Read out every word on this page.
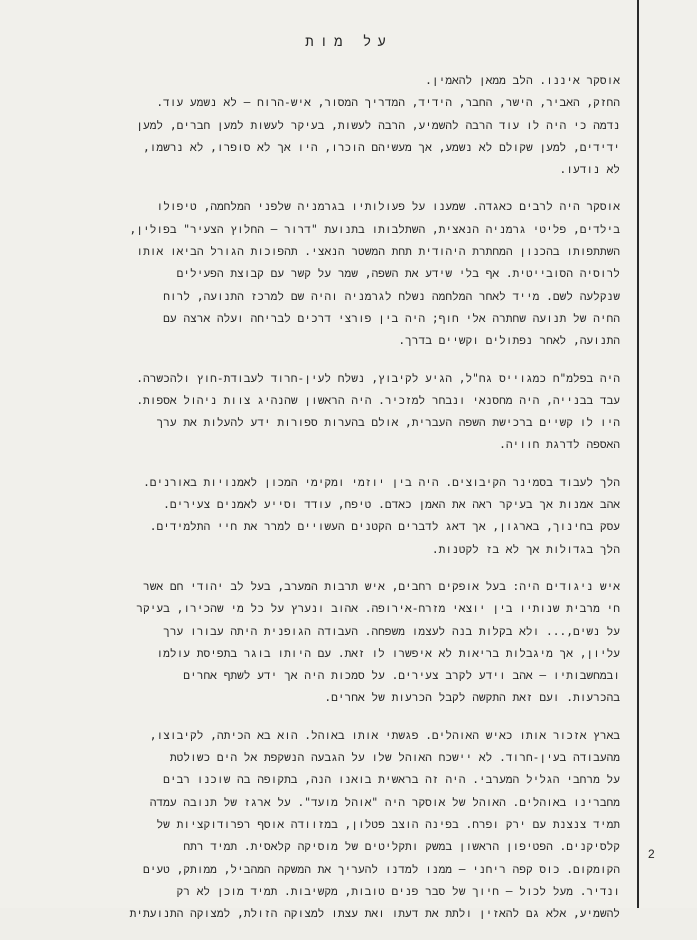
על מות
אוסקר איננו. הלב ממאן להאמין.
החזק, האביר, הישר, החבר, הידיד, המדריך המסור, איש-הרוח – לא נשמע עוד.
נדמה כי היה לו עוד הרבה להשמיע, הרבה לעשות, בעיקר לעשות למען חברים, למען
ידידים, למען שקולם לא נשמע, אך מעשיהם הוכרו, היו אך לא סופרו, לא נרשמו,
לא נודעו.
אוסקר היה לרבים כאגדה. שמענו על פעולותיו בגרמניה שלפני המלחמה, טיפולו
בילדים, פליטי גרמניה הנאצית, השתלבותו בתנועת "דרור – החלוץ הצעיר" בפולין,
השתתפותו בהכנון המחתרת היהודית תחת המשטר הנאצי. תהפוכות הגורל הביאו אותו
לרוסיה הסובייטית. אף בלי שידע את השפה, שמר על קשר עם קבוצת הפעילים
שנקלעה לשם. מייד לאחר המלחמה נשלח לגרמניה והיה שם למרכז התנועה, לרוח
החיה של תנועה שחתרה אלי חוף; היה בין פורצי דרכים לבריחה ועלה ארצה עם
התנועה, לאחר נפתולים וקשיים בדרך.
היה בפלמ"ח כמגוייס גח"ל, הגיע לקיבוץ, נשלח לעין-חרוד לעבודת-חוץ ולהכשרה.
עבד בבנייה, היה מחסנאי ונבחר למזכיר. היה הראשון שהנהיג צוות ניהול אספות.
היו לו קשיים ברכישת השפה העברית, אולם בהערות ספורות ידע להעלות את ערך
האספה לדרגת חוויה.
הלך לעבוד בסמינר הקיבוצים. היה בין יוזמי ומקימי המכון לאמנויות באורנים.
אהב אמנות אך בעיקר ראה את האמן כאדם. טיפח, עודד וסייע לאמנים צעירים.
עסק בחינוך, בארגון, אך דאג לדברים הקטנים העשויים למרר את חיי התלמידים.
הלך בגדולות אך לא בז לקטנות.
איש ניגודים היה: בעל אופקים רחבים, איש תרבות המערב, בעל לב יהודי חם אשר
חי מרבית שנותיו בין יוצאי מזרח-אירופה. אהוב ונערץ על כל מי שהכירו, בעיקר
על נשים,... ולא בקלות בנה לעצמו משפחה. העבודה הגופנית היתה עבורו ערך
עליון, אך מיגבלות בריאות לא איפשרו לו זאת. עם היותו בוגר בתפיסת עולמו
ובמחשבותיו – אהב וידע לקרב צעירים. על סמכות היה אך ידע לשתף אחרים
בהכרעות. ועם זאת התקשה לקבל הכרעות של אחרים.
בארץ אזכור אותו כאיש האוהלים. פגשתי אותו באוהל. הוא בא הכיתה, לקיבוצו,
מהעבודה בעין-חרוד. לא יישכח האוהל שלו על הגבעה הנשקפת אל הים כשולטת
על מרחבי הגליל המערבי. היה זה בראשית בואנו הנה, בתקופה בה שוכנו רבים
מחברינו באוהלים. האוהל של אוסקר היה "אוהל מועד". על ארגז של תנובה עמדה
תמיד צנצנת עם ירק ופרח. בפינה הוצב פטלון, במזוודה אוסף רפרודוקציות של
קלסיקנים. הפטיפון הראשון במשק ותקליטים של מוסיקה קלאסית. תמיד רתח
הקומקום. כוס קפה ריחני – ממנו למדנו להעריך את המשקה המהביל, ממותק, טעים
ונדיר. מעל לכול – חיוך של סבר פנים טובות, מקשיבות. תמיד מוכן לא רק
להשמיע, אלא גם להאזין ולתת את דעתו ואת עצתו למצוקה הזולת, למצוקה התנועתית
2
